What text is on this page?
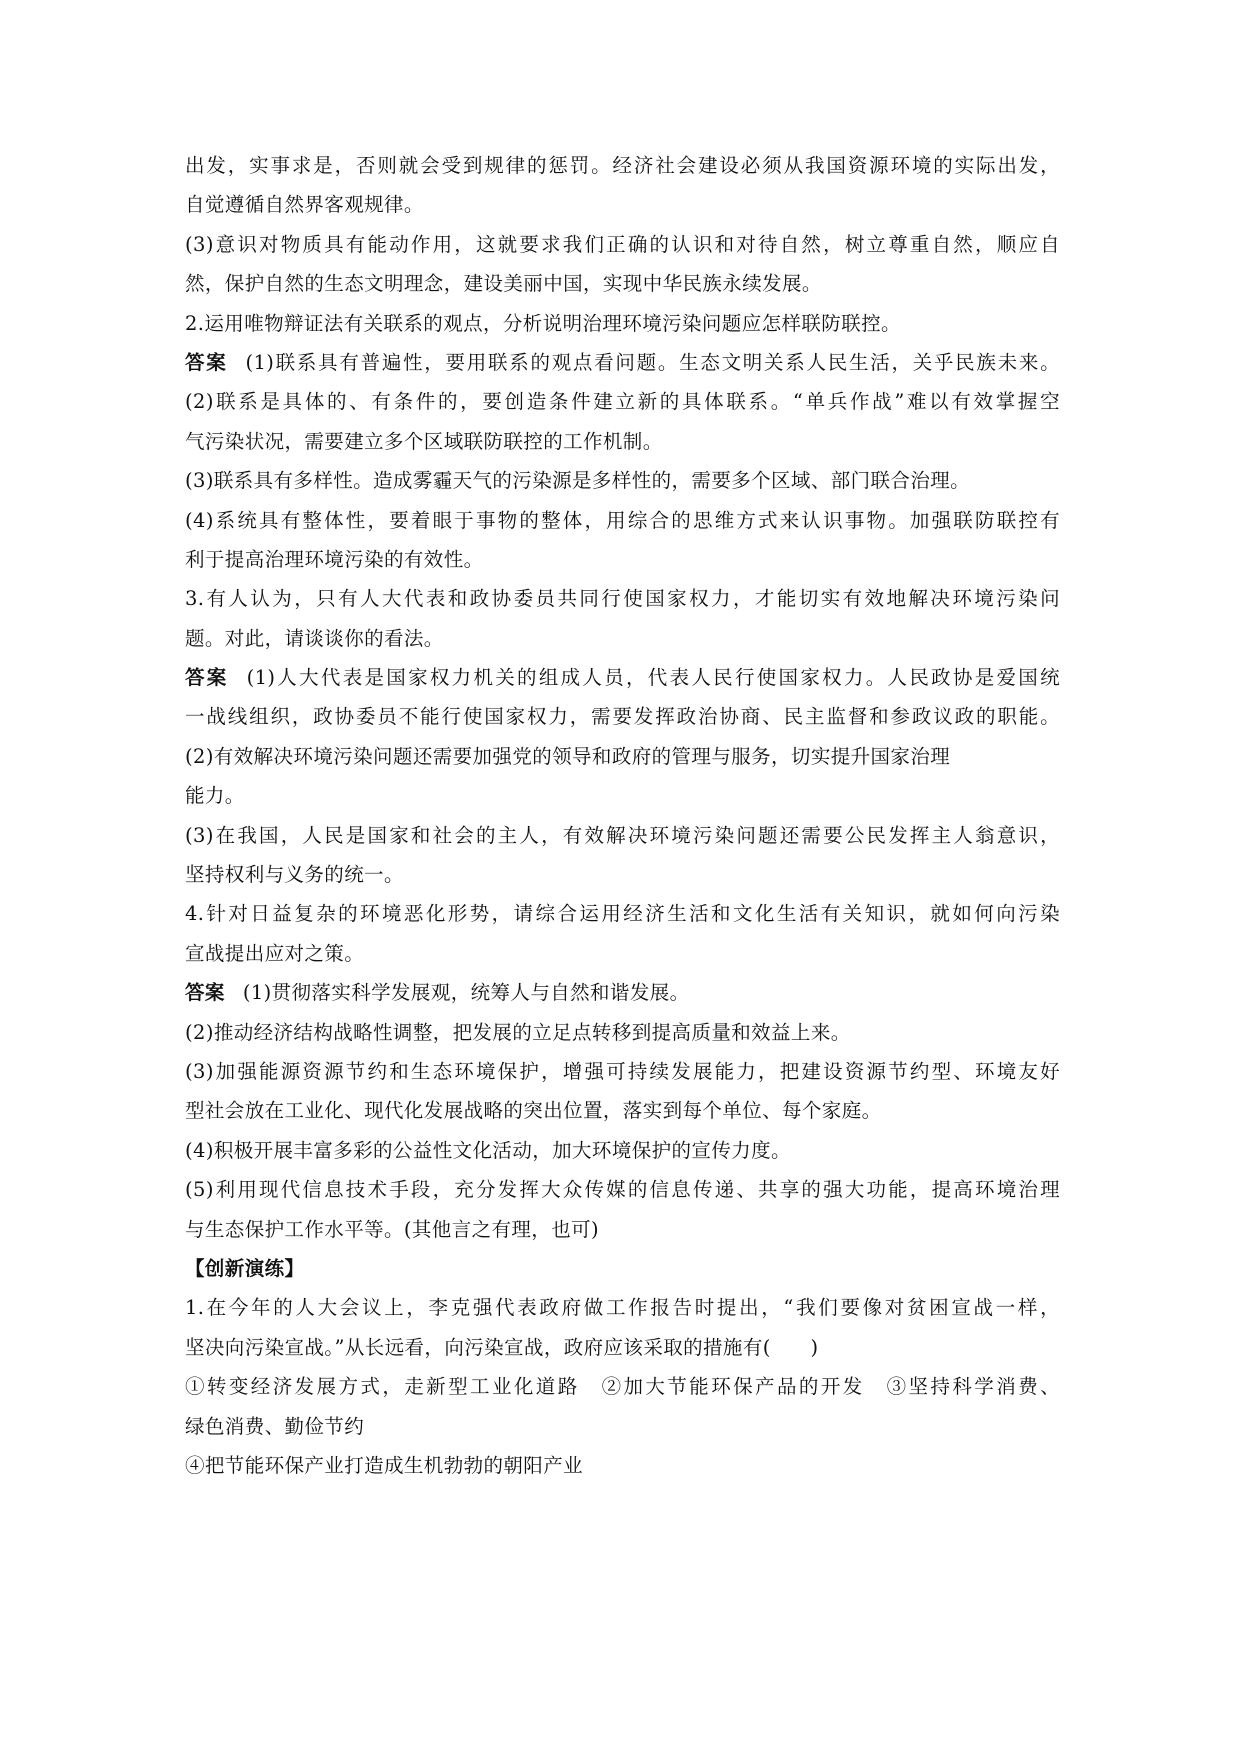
出发，实事求是，否则就会受到规律的惩罚。经济社会建设必须从我国资源环境的实际出发，
自觉遵循自然界客观规律。
(3)意识对物质具有能动作用，这就要求我们正确的认识和对待自然，树立尊重自然，顺应自
然，保护自然的生态文明理念，建设美丽中国，实现中华民族永续发展。
2.运用唯物辩证法有关联系的观点，分析说明治理环境污染问题应怎样联防联控。
答案 (1)联系具有普遍性，要用联系的观点看问题。生态文明关系人民生活，关乎民族未来。
(2)联系是具体的、有条件的，要创造条件建立新的具体联系。“单兵作战”难以有效掌握空
气污染状况，需要建立多个区域联防联控的工作机制。
(3)联系具有多样性。造成雾霾天气的污染源是多样性的，需要多个区域、部门联合治理。
(4)系统具有整体性，要着眼于事物的整体，用综合的思维方式来认识事物。加强联防联控有
利于提高治理环境污染的有效性。
3.有人认为，只有人大代表和政协委员共同行使国家权力，才能切实有效地解决环境污染问
题。对此，请谈谈你的看法。
答案 (1)人大代表是国家权力机关的组成人员，代表人民行使国家权力。人民政协是爱国统
一战线组织，政协委员不能行使国家权力，需要发挥政治协商、民主监督和参政议政的职能。
(2)有效解决环境污染问题还需要加强党的领导和政府的管理与服务，切实提升国家治理
能力。
(3)在我国，人民是国家和社会的主人，有效解决环境污染问题还需要公民发挥主人翁意识，
坚持权利与义务的统一。
4.针对日益复杂的环境恶化形势，请综合运用经济生活和文化生活有关知识，就如何向污染
宣战提出应对之策。
答案 (1)贯彻落实科学发展观，统筹人与自然和谐发展。
(2)推动经济结构战略性调整，把发展的立足点转移到提高质量和效益上来。
(3)加强能源资源节约和生态环境保护，增强可持续发展能力，把建设资源节约型、环境友好
型社会放在工业化、现代化发展战略的突出位置，落实到每个单位、每个家庭。
(4)积极开展丰富多彩的公益性文化活动，加大环境保护的宣传力度。
(5)利用现代信息技术手段，充分发挥大众传媒的信息传递、共享的强大功能，提高环境治理
与生态保护工作水平等。(其他言之有理，也可)
【创新演练】
1.在今年的人大会议上，李克强代表政府做工作报告时提出，“我们要像对贫困宣战一样，
坚决向污染宣战。”从长远看，向污染宣战，政府应该采取的措施有(　　)
①转变经济发展方式，走新型工业化道路　②加大节能环保产品的开发　③坚持科学消费、
绿色消费、勤俭节约
④把节能环保产业打造成生机勃勃的朝阳产业
